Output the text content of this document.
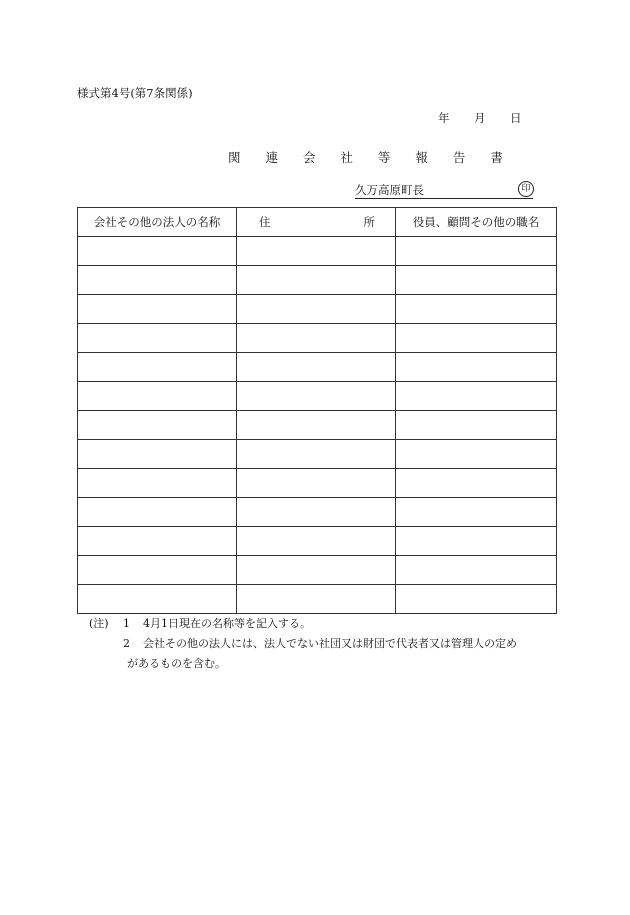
様式第4号(第7条関係)
年	月	日
関 連 会 社 等 報 告 書
久万高原町長	印
会社その他の法人の名称	住 所	役員、顧問その他の職名

(注) 1 4月1日現在の名称等を記入する。
2 会社その他の法人には、法人でない社団又は財団で代表者又は管理人の定め
があるものを含む。
